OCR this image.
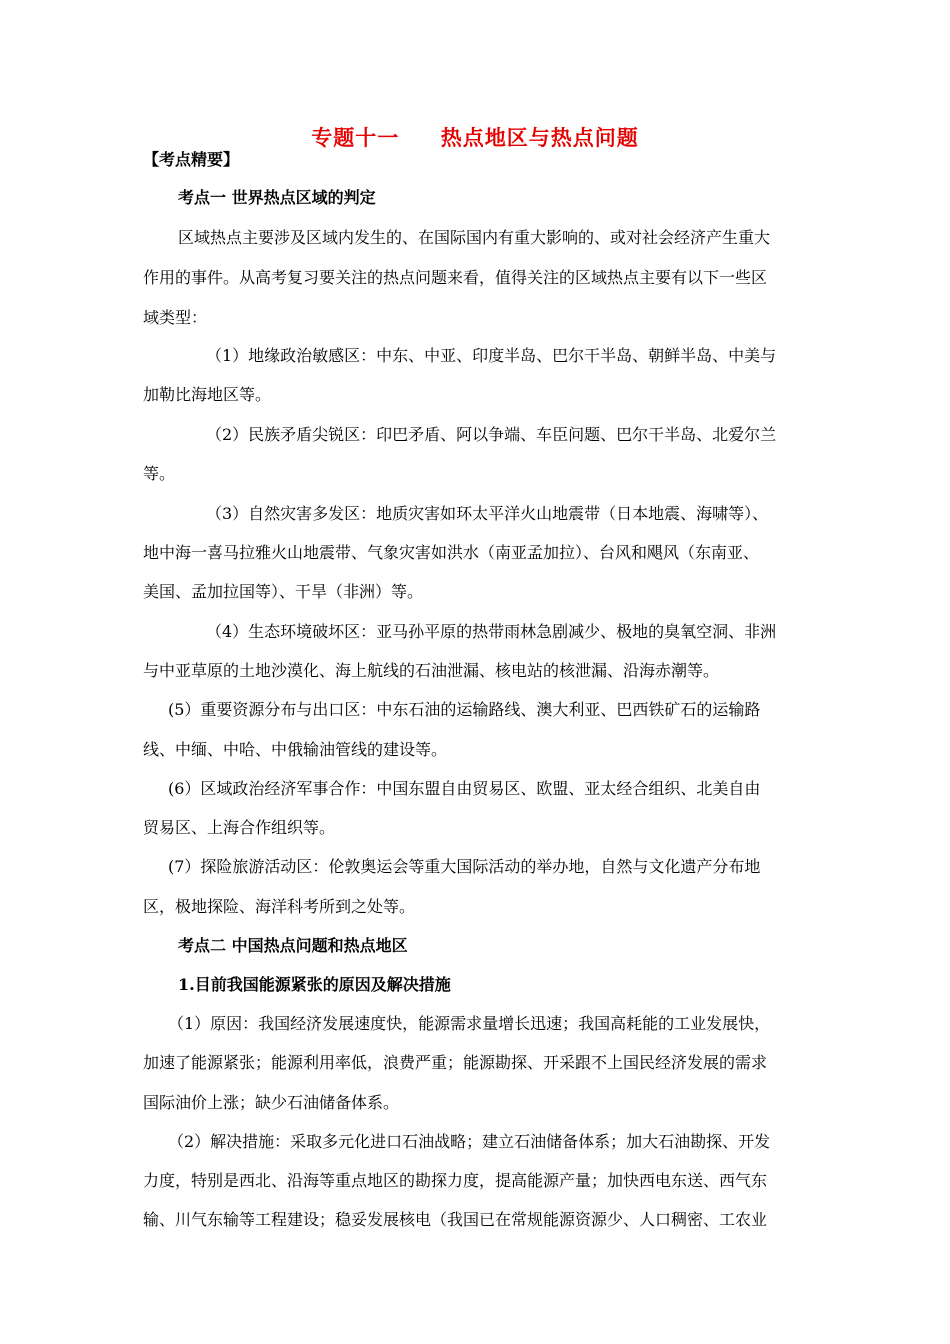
专题十一     热点地区与热点问题
【考点精要】
考点一 世界热点区域的判定
区域热点主要涉及区域内发生的、在国际国内有重大影响的、或对社会经济产生重大
作用的事件。从高考复习要关注的热点问题来看，值得关注的区域热点主要有以下一些区
域类型：
（1）地缘政治敏感区：中东、中亚、印度半岛、巴尔干半岛、朝鲜半岛、中美与
加勒比海地区等。
（2）民族矛盾尖锐区：印巴矛盾、阿以争端、车臣问题、巴尔干半岛、北爱尔兰
等。
（3）自然灾害多发区：地质灾害如环太平洋火山地震带（日本地震、海啸等）、
地中海一喜马拉雅火山地震带、气象灾害如洪水（南亚孟加拉）、台风和飓风（东南亚、
美国、孟加拉国等）、干旱（非洲）等。
（4）生态环境破坏区：亚马孙平原的热带雨林急剧减少、极地的臭氧空洞、非洲
与中亚草原的土地沙漠化、海上航线的石油泄漏、核电站的核泄漏、沿海赤潮等。
(5）重要资源分布与出口区：中东石油的运输路线、澳大利亚、巴西铁矿石的运输路
线、中缅、中哈、中俄输油管线的建设等。
(6）区域政治经济军事合作：中国东盟自由贸易区、欧盟、亚太经合组织、北美自由
贸易区、上海合作组织等。
(7）探险旅游活动区：伦敦奥运会等重大国际活动的举办地，自然与文化遗产分布地
区，极地探险、海洋科考所到之处等。
考点二 中国热点问题和热点地区
1.目前我国能源紧张的原因及解决措施
（1）原因：我国经济发展速度快，能源需求量增长迅速；我国高耗能的工业发展快，
加速了能源紧张；能源利用率低，浪费严重；能源勘探、开采跟不上国民经济发展的需求
国际油价上涨；缺少石油储备体系。
（2）解决措施：采取多元化进口石油战略；建立石油储备体系；加大石油勘探、开发
力度，特别是西北、沿海等重点地区的勘探力度，提高能源产量；加快西电东送、西气东
输、川气东输等工程建设；稳妥发展核电（我国已在常规能源资源少、人口稠密、工农业
